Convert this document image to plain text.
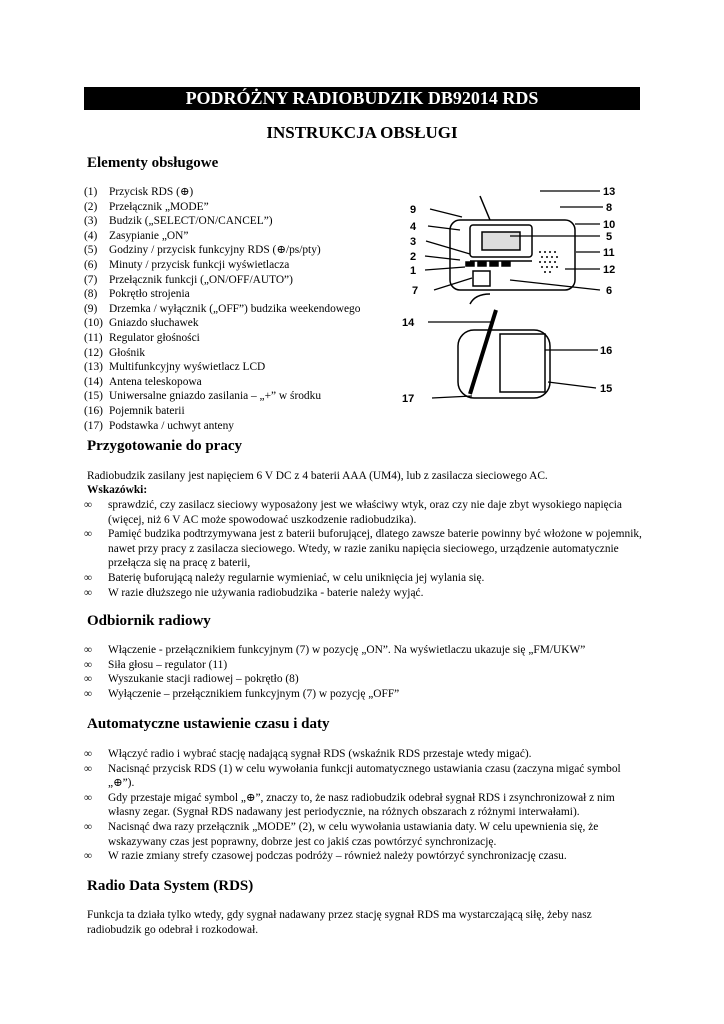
PODRÓŻNY RADIOBUDZIK DB92014 RDS
INSTRUKCJA OBSŁUGI
Elementy obsługowe
(1)	Przycisk RDS (⊕)
(2)	Przełącznik „MODE”
(3)	Budzik („SELECT/ON/CANCEL”)
(4)	Zasypianie „ON”
(5)	Godziny / przycisk funkcyjny RDS (⊕/ps/pty)
(6)	Minuty / przycisk funkcji wyświetlacza
(7)	Przełącznik funkcji („ON/OFF/AUTO”)
(8)	Pokrętło strojenia
(9)	Drzemka / wyłącznik („OFF”) budzika weekendowego
(10) Gniazdo słuchawek
(11) Regulator głośności
(12) Głośnik
(13) Multifunkcyjny wyświetlacz LCD
(14) Antena teleskopowa
(15) Uniwersalne gniazdo zasilania – „+” w środku
(16) Pojemnik baterii
(17) Podstawka / uchwyt anteny
13
8
9
10
4
5
3
11
2
12
1
7	6
14
16
17
15
Przygotowanie do pracy
Radiobudzik zasilany jest napięciem 6 V DC z 4 baterii AAA (UM4), lub z zasilacza sieciowego AC.
Wskazówki:
∞	sprawdzić, czy zasilacz sieciowy wyposażony jest we właściwy wtyk, oraz czy nie daje zbyt wysokiego napięcia (więcej, niż 6 V AC może spowodować uszkodzenie radiobudzika).
∞	Pamięć budzika podtrzymywana jest z baterii buforującej, dlatego zawsze baterie powinny być włożone w pojemnik, nawet przy pracy z zasilacza sieciowego. Wtedy, w razie zaniku napięcia sieciowego, urządzenie automatycznie przełącza się na pracę z baterii,
∞	Baterię buforującą należy regularnie wymieniać, w celu uniknięcia jej wylania się.
∞	W razie dłuższego nie używania radiobudzika - baterie należy wyjąć.
Odbiornik radiowy
∞	Włączenie - przełącznikiem funkcyjnym (7) w pozycję „ON”. Na wyświetlaczu ukazuje się „FM/UKW”
∞	Siła głosu – regulator (11)
∞	Wyszukanie stacji radiowej – pokrętło (8)
∞	Wyłączenie – przełącznikiem funkcyjnym (7) w pozycję „OFF”
Automatyczne ustawienie czasu i daty
∞	Włączyć radio i wybrać stację nadającą sygnał RDS (wskaźnik RDS przestaje wtedy migać).
∞	Nacisnąć przycisk RDS (1) w celu wywołania funkcji automatycznego ustawiania czasu (zaczyna migać symbol „⊕”).
∞	Gdy przestaje migać symbol „⊕”, znaczy to, że nasz radiobudzik odebrał sygnał RDS i zsynchronizował z nim własny zegar. (Sygnał RDS nadawany jest periodycznie, na różnych obszarach z różnymi interwałami).
∞	Nacisnąć dwa razy przełącznik „MODE” (2), w celu wywołania ustawiania daty. W celu upewnienia się, że wskazywany czas jest poprawny, dobrze jest co jakiś czas powtórzyć synchronizację.
∞	W razie zmiany strefy czasowej podczas podróży – również należy powtórzyć synchronizację czasu.
Radio Data System (RDS)
Funkcja ta działa tylko wtedy, gdy sygnał nadawany przez stację sygnał RDS ma wystarczającą siłę, żeby nasz radiobudzik go odebrał i rozkodował.
